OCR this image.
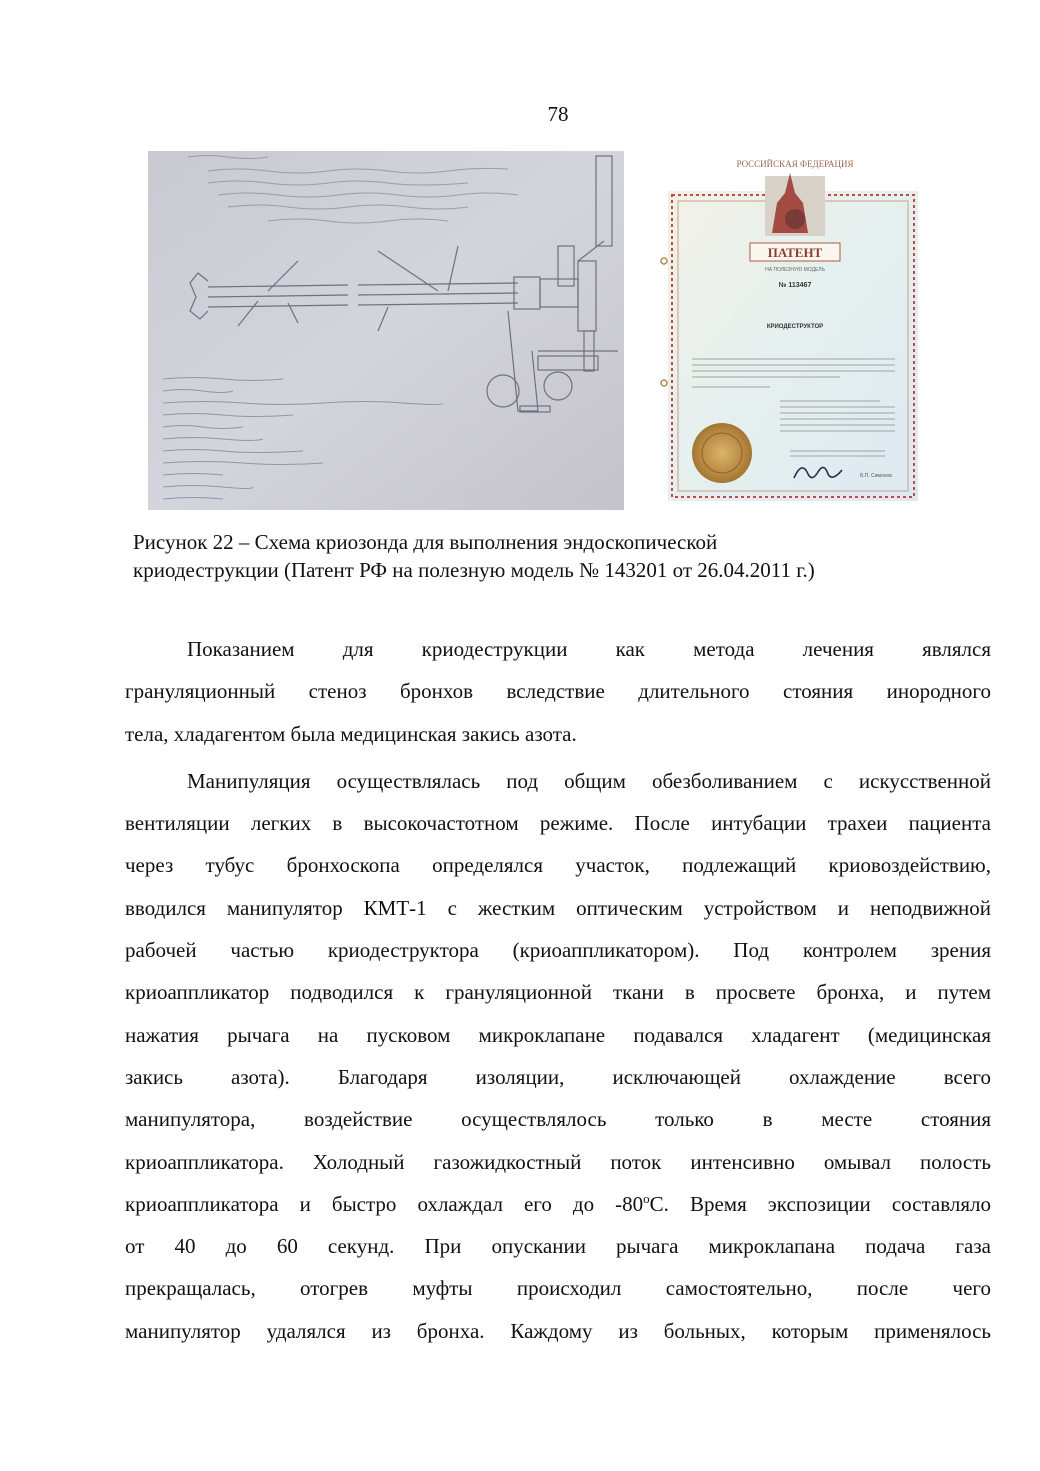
78
РОССИЙСКАЯ ФЕДЕРАЦИЯ
ПАТЕНТ
НА ПОЛЕЗНУЮ МОДЕЛЬ
№ 113467
КРИОДЕСТРУКТОР
Б.П. Симонов
Рисунок 22 – Схема криозонда для выполнения эндоскопической
криодеструкции (Патент РФ на полезную модель № 143201 от 26.04.2011 г.)
Показанием для криодеструкции как метода лечения являлся
грануляционный стеноз бронхов вследствие длительного стояния инородного
тела, хладагентом была медицинская закись азота.
Манипуляция осуществлялась под общим обезболиванием с искусственной
вентиляции легких в высокочастотном режиме. После интубации трахеи пациента
через тубус бронхоскопа определялся участок, подлежащий криовоздействию,
вводился манипулятор КМТ-1 с жестким оптическим устройством и неподвижной
рабочей частью криодеструктора (криоаппликатором). Под контролем зрения
криоаппликатор подводился к грануляционной ткани в просвете бронха, и путем
нажатия рычага на пусковом микроклапане подавался хладагент (медицинская
закись азота). Благодаря изоляции, исключающей охлаждение всего
манипулятора, воздействие осуществлялось только в месте стояния
криоаппликатора. Холодный газожидкостный поток интенсивно омывал полость
криоаппликатора и быстро охлаждал его до -80$^o$С. Время экспозиции составляло
от 40 до 60 секунд. При опускании рычага микроклапана подача газа
прекращалась, отогрев муфты происходил самостоятельно, после чего
манипулятор удалялся из бронха. Каждому из больных, которым применялось
